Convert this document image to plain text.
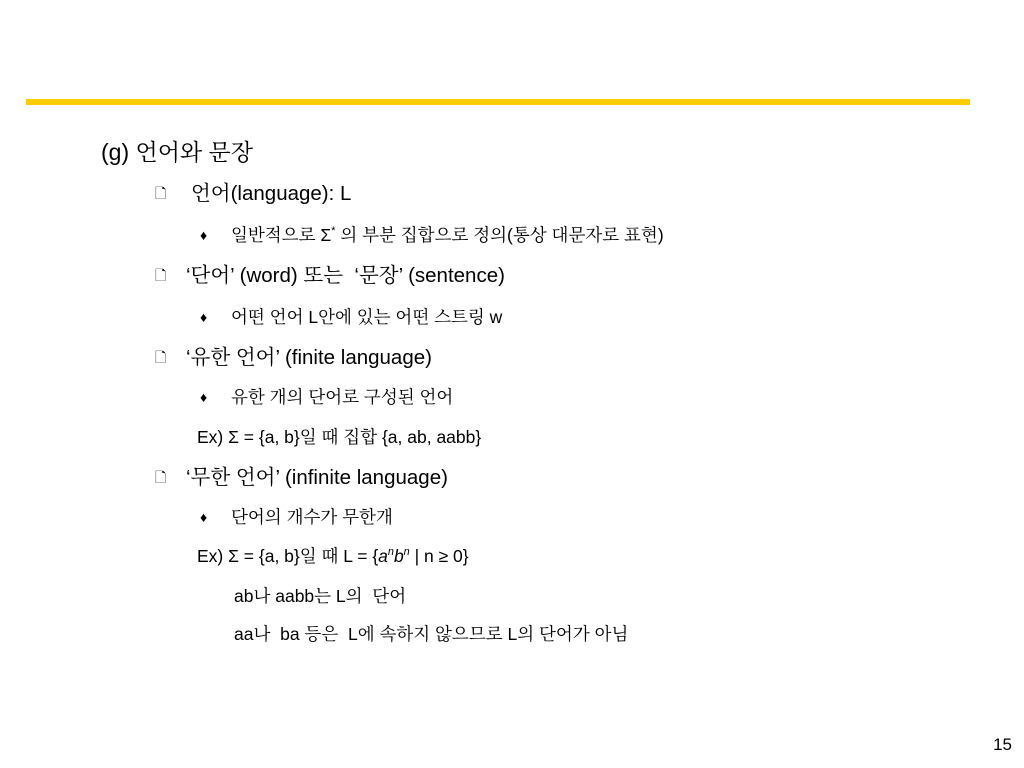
(g) 언어와 문장
🗋 언어(language): L
♦ 일반적으로 Σ* 의 부분 집합으로 정의(통상 대문자로 표현)
🗋 ‘단어’ (word) 또는  ‘문장’ (sentence)
♦ 어떤 언어 L안에 있는 어떤 스트링 w
🗋 ‘유한 언어’ (finite language)
♦ 유한 개의 단어로 구성된 언어
Ex) Σ = {a, b}일 때 집합 {a, ab, aabb}
🗋 ‘무한 언어’ (infinite language)
♦ 단어의 개수가 무한개
Ex) Σ = {a, b}일 때 $L = \{a^nb^n$ | n ≥ 0}
ab나 aabb는 L의  단어
aa나  ba 등은  L에 속하지 않으므로 L의 단어가 아님
15
